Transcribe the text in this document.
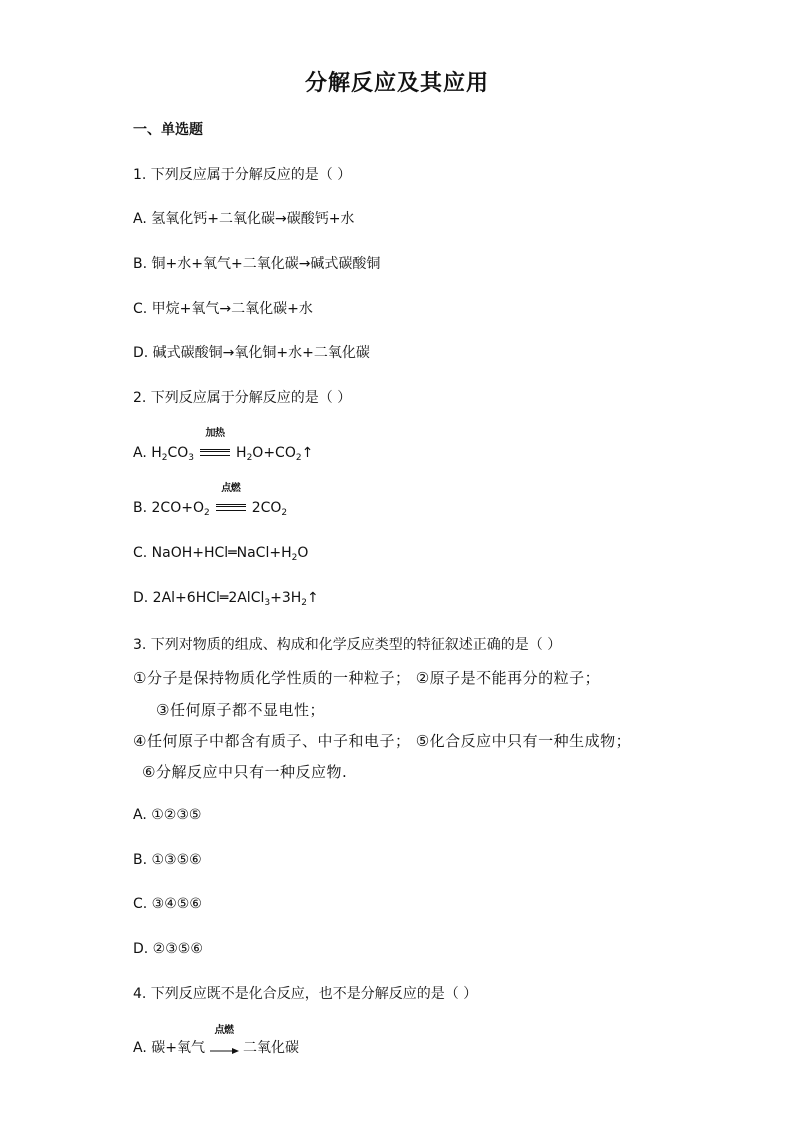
分解反应及其应用
一、单选题
1. 下列反应属于分解反应的是（ ）
A. 氢氧化钙+二氧化碳→碳酸钙+水
B. 铜+水+氧气+二氧化碳→碱式碳酸铜
C. 甲烷+氧气→二氧化碳+水
D. 碱式碳酸铜→氧化铜+水+二氧化碳
2. 下列反应属于分解反应的是（ ）
A. $H_2CO_3$
加热
$H_2O+CO_2↑$
B. $2CO+O_2$
点燃
$2CO_2$
C. $NaOH+HCl═NaCl+H_2O$
D. $2Al+6HCl═2AlCl_3+3H_2↑$
3. 下列对物质的组成、构成和化学反应类型的特征叙述正确的是（ ）
①分子是保持物质化学性质的一种粒子； ②原子是不能再分的粒子；
③任何原子都不显电性；
④任何原子中都含有质子、中子和电子； ⑤化合反应中只有一种生成物；
⑥分解反应中只有一种反应物.
A. ①②③⑤
B. ①③⑤⑥
C. ③④⑤⑥
D. ②③⑤⑥
4. 下列反应既不是化合反应，也不是分解反应的是（ ）
A. 碳+氧气
点燃
二氧化碳
